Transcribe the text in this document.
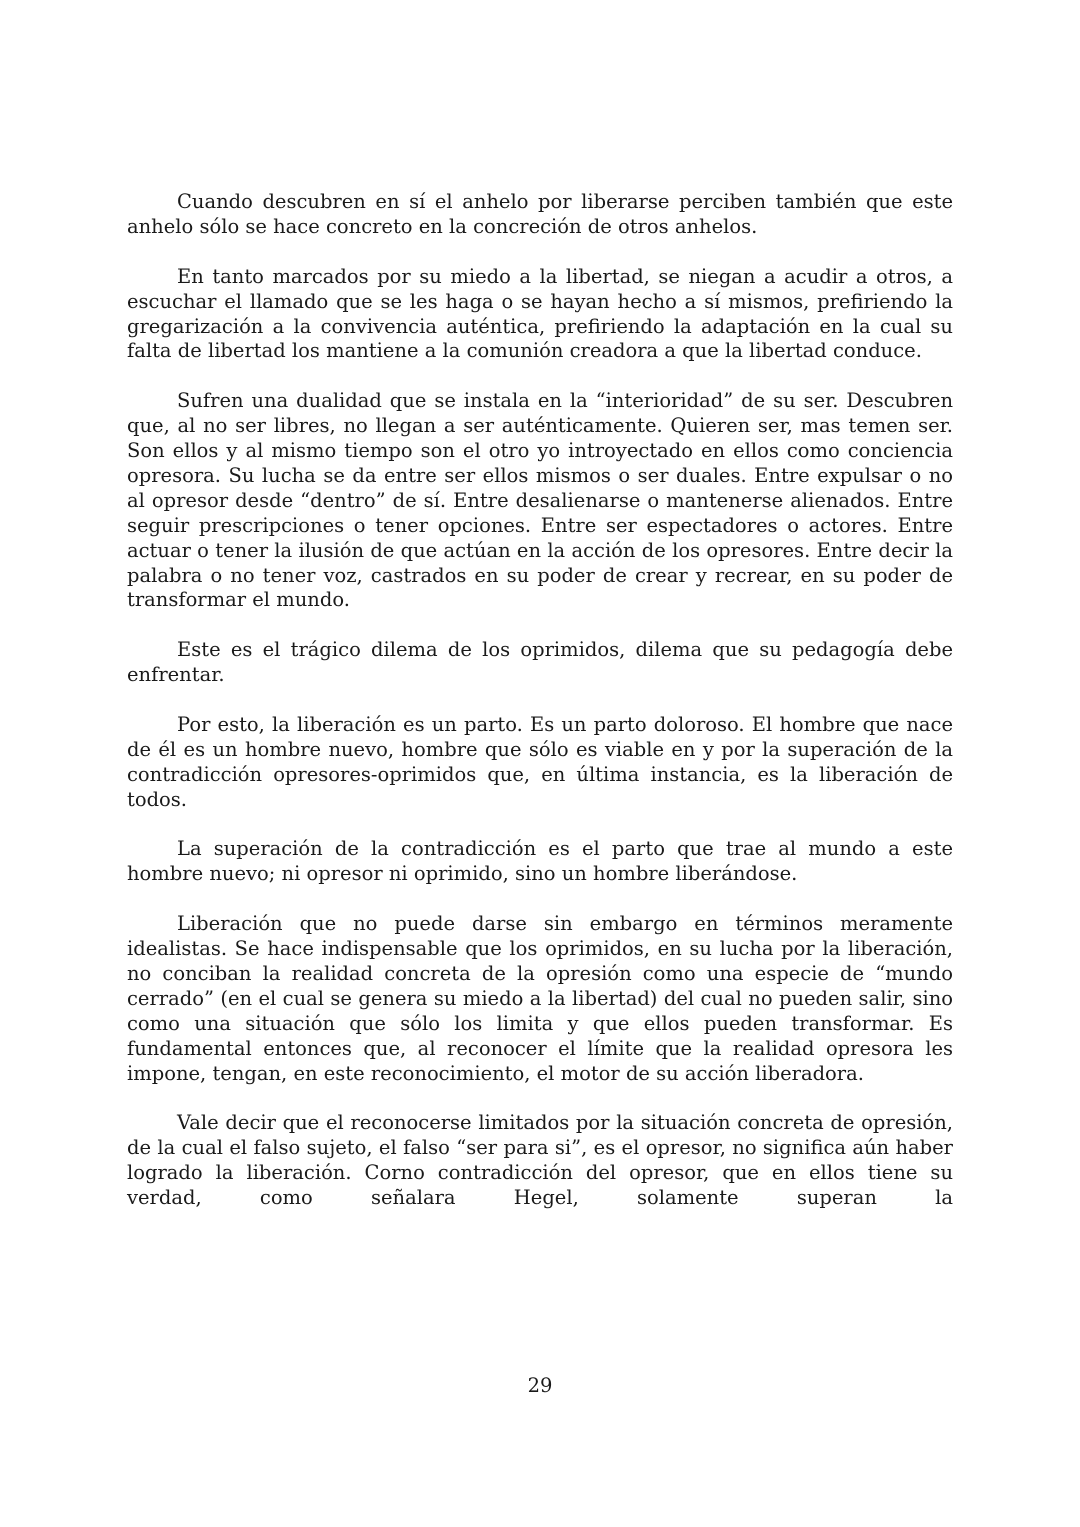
Cuando descubren en sí el anhelo por liberarse perciben también que este anhelo sólo se hace concreto en la concreción de otros anhelos.

En tanto marcados por su miedo a la libertad, se niegan a acudir a otros, a escuchar el llamado que se les haga o se hayan hecho a sí mismos, prefiriendo la gregarización a la convivencia auténtica, prefiriendo la adaptación en la cual su falta de libertad los mantiene a la comunión creadora a que la libertad conduce.

Sufren una dualidad que se instala en la “interioridad” de su ser. Descubren que, al no ser libres, no llegan a ser auténticamente. Quieren ser, mas temen ser. Son ellos y al mismo tiempo son el otro yo introyectado en ellos como conciencia opresora. Su lucha se da entre ser ellos mismos o ser duales. Entre expulsar o no al opresor desde “dentro” de sí. Entre desalienarse o mantenerse alienados. Entre seguir prescripciones o tener opciones. Entre ser espectadores o actores. Entre actuar o tener la ilusión de que actúan en la acción de los opresores. Entre decir la palabra o no tener voz, castrados en su poder de crear y recrear, en su poder de transformar el mundo.

Este es el trágico dilema de los oprimidos, dilema que su pedagogía debe enfrentar.

Por esto, la liberación es un parto. Es un parto doloroso. El hombre que nace de él es un hombre nuevo, hombre que sólo es viable en y por la superación de la contradicción opresores-oprimidos que, en última instancia, es la liberación de todos.

La superación de la contradicción es el parto que trae al mundo a este hombre nuevo; ni opresor ni oprimido, sino un hombre liberándose.

Liberación que no puede darse sin embargo en términos meramente idealistas. Se hace indispensable que los oprimidos, en su lucha por la liberación, no conciban la realidad concreta de la opresión como una especie de “mundo cerrado” (en el cual se genera su miedo a la libertad) del cual no pueden salir, sino como una situación que sólo los limita y que ellos pueden transformar. Es fundamental entonces que, al reconocer el límite que la realidad opresora les impone, tengan, en este reconocimiento, el motor de su acción liberadora.

Vale decir que el reconocerse limitados por la situación concreta de opresión, de la cual el falso sujeto, el falso “ser para si”, es el opresor, no significa aún haber logrado la liberación. Corno contradicción del opresor, que en ellos tiene su verdad, como señalara Hegel, solamente superan la

29
